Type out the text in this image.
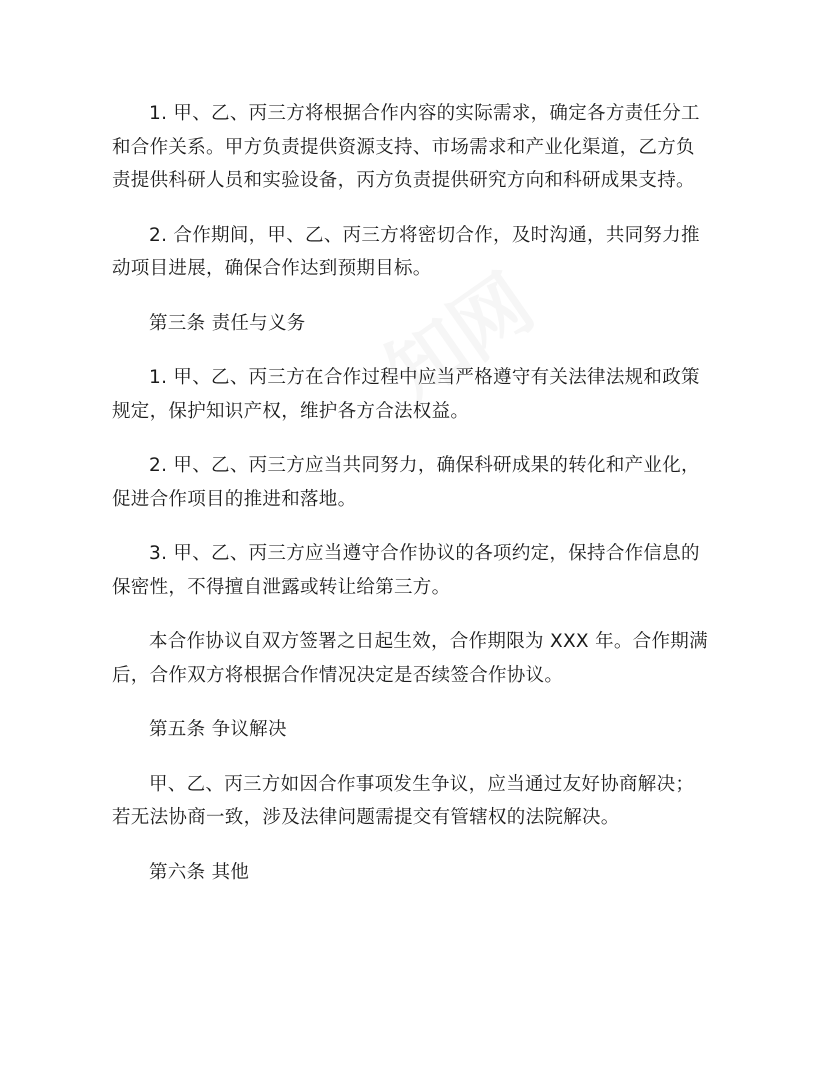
1. 甲、乙、丙三方将根据合作内容的实际需求，确定各方责任分工和合作关系。甲方负责提供资源支持、市场需求和产业化渠道，乙方负责提供科研人员和实验设备，丙方负责提供研究方向和科研成果支持。

2. 合作期间，甲、乙、丙三方将密切合作，及时沟通，共同努力推动项目进展，确保合作达到预期目标。

第三条 责任与义务

1. 甲、乙、丙三方在合作过程中应当严格遵守有关法律法规和政策规定，保护知识产权，维护各方合法权益。

2. 甲、乙、丙三方应当共同努力，确保科研成果的转化和产业化，促进合作项目的推进和落地。

3. 甲、乙、丙三方应当遵守合作协议的各项约定，保持合作信息的保密性，不得擅自泄露或转让给第三方。

本合作协议自双方签署之日起生效，合作期限为 XXX 年。合作期满后，合作双方将根据合作情况决定是否续签合作协议。

第五条 争议解决

甲、乙、丙三方如因合作事项发生争议，应当通过友好协商解决；若无法协商一致，涉及法律问题需提交有管辖权的法院解决。

第六条 其他
